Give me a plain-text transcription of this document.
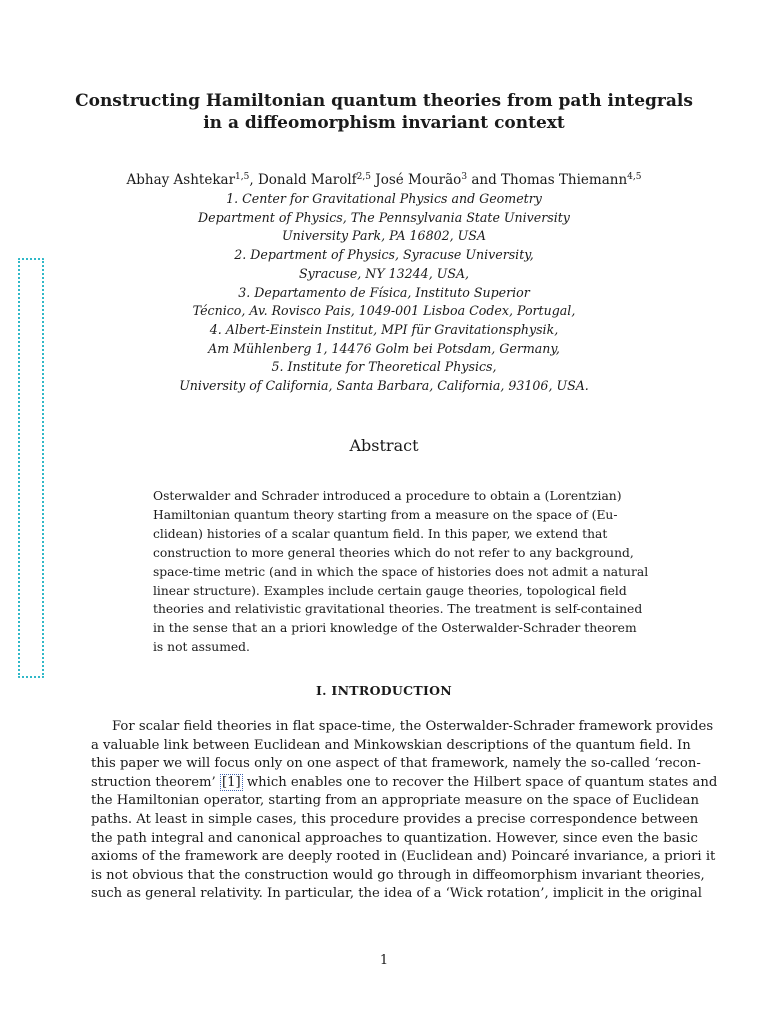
Constructing Hamiltonian quantum theories from path integrals
in a diffeomorphism invariant context
Abhay Ashtekar$^{1,5}$, Donald Marolf$^{2,5}$ José Mourão$^3$ and Thomas Thiemann$^{4,5}$
1. Center for Gravitational Physics and Geometry
Department of Physics, The Pennsylvania State University
University Park, PA 16802, USA
2. Department of Physics, Syracuse University,
Syracuse, NY 13244, USA,
3. Departamento de Física, Instituto Superior
Técnico, Av. Rovisco Pais, 1049-001 Lisboa Codex, Portugal,
4. Albert-Einstein Institut, MPI für Gravitationsphysik,
Am Mühlenberg 1, 14476 Golm bei Potsdam, Germany,
5. Institute for Theoretical Physics,
University of California, Santa Barbara, California, 93106, USA.
Abstract
Osterwalder and Schrader introduced a procedure to obtain a (Lorentzian)
Hamiltonian quantum theory starting from a measure on the space of (Eu-
clidean) histories of a scalar quantum field. In this paper, we extend that
construction to more general theories which do not refer to any background,
space-time metric (and in which the space of histories does not admit a natural
linear structure). Examples include certain gauge theories, topological field
theories and relativistic gravitational theories. The treatment is self-contained
in the sense that an a priori knowledge of the Osterwalder-Schrader theorem
is not assumed.
I. INTRODUCTION
For scalar field theories in flat space-time, the Osterwalder-Schrader framework provides
a valuable link between Euclidean and Minkowskian descriptions of the quantum field. In
this paper we will focus only on one aspect of that framework, namely the so-called ‘recon-
struction theorem’ [1] which enables one to recover the Hilbert space of quantum states and
the Hamiltonian operator, starting from an appropriate measure on the space of Euclidean
paths. At least in simple cases, this procedure provides a precise correspondence between
the path integral and canonical approaches to quantization. However, since even the basic
axioms of the framework are deeply rooted in (Euclidean and) Poincaré invariance, a priori it
is not obvious that the construction would go through in diffeomorphism invariant theories,
such as general relativity. In particular, the idea of a ‘Wick rotation’, implicit in the original
1
